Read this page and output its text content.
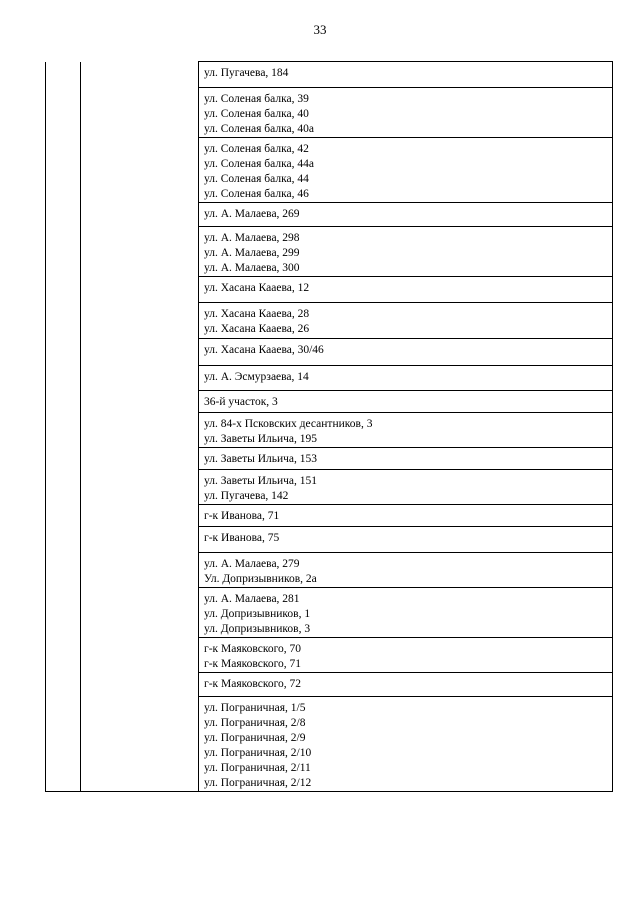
33

ул. Пугачева, 184

ул. Соленая балка, 39
ул. Соленая балка, 40
ул. Соленая балка, 40а

ул. Соленая балка, 42
ул. Соленая балка, 44а
ул. Соленая балка, 44
ул. Соленая балка, 46

ул. А. Малаева, 269

ул. А. Малаева, 298
ул. А. Малаева, 299
ул. А. Малаева, 300

ул. Хасана Кааева, 12

ул. Хасана Кааева, 28
ул. Хасана Кааева, 26

ул. Хасана Кааева, 30/46

ул. А. Эсмурзаева, 14

36-й участок, 3

ул. 84-х Псковских десантников, 3
ул. Заветы Ильича, 195

ул. Заветы Ильича, 153

ул. Заветы Ильича, 151
ул. Пугачева, 142

г-к Иванова, 71

г-к Иванова, 75

ул. А. Малаева, 279
Ул. Допризывников, 2а

ул. А. Малаева, 281
ул. Допризывников, 1
ул. Допризывников, 3

г-к Маяковского, 70
г-к Маяковского, 71

г-к Маяковского, 72

ул. Пограничная, 1/5
ул. Пограничная, 2/8
ул. Пограничная, 2/9
ул. Пограничная, 2/10
ул. Пограничная, 2/11
ул. Пограничная, 2/12
